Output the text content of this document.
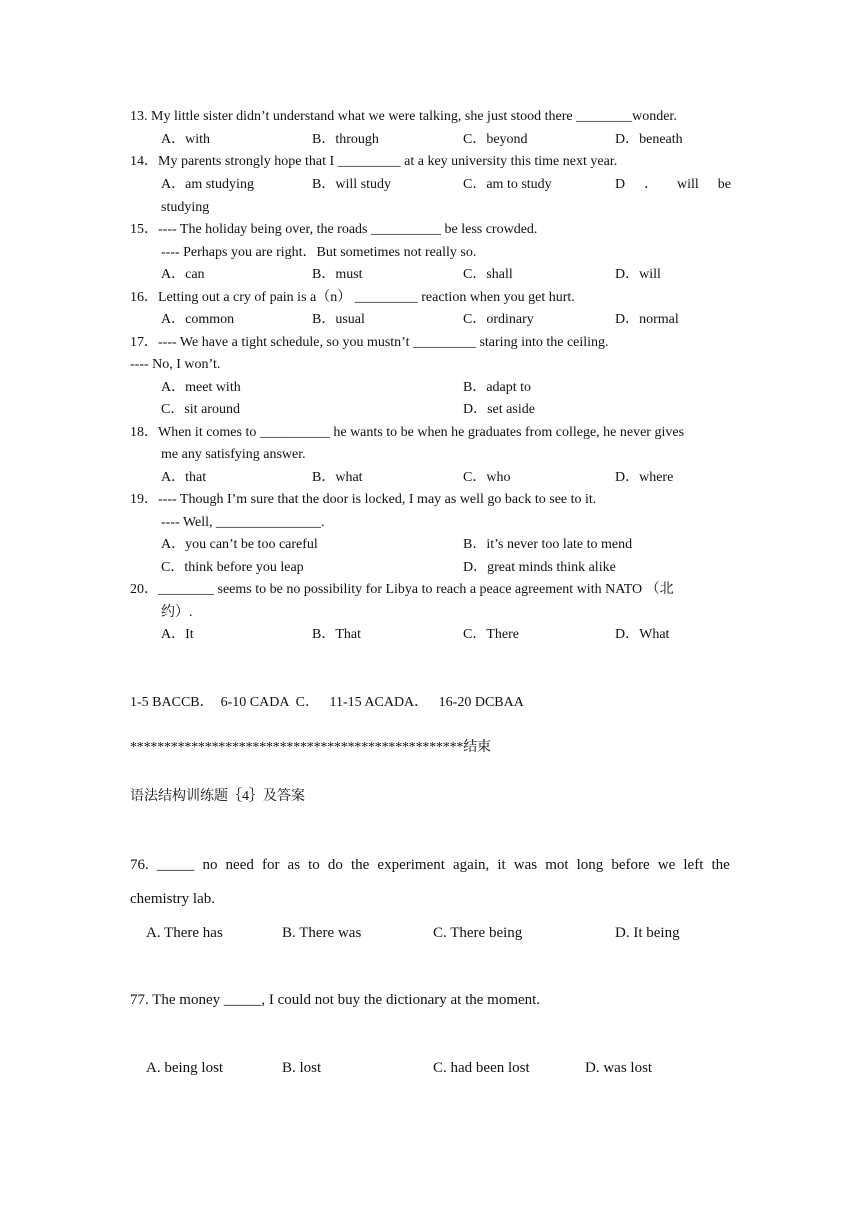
13. My little sister didn’t understand what we were talking, she just stood there ________wonder.
A．with	B．through	C．beyond	D．beneath
14．My parents strongly hope that I _________ at a key university this time next year.
A．am studying	B．will study	C．am to study	D ． will be
studying
15．---- The holiday being over, the roads __________ be less crowded.
---- Perhaps you are right．But sometimes not really so.
A．can	B．must	C．shall	D．will
16．Letting out a cry of pain is a（n） _________ reaction when you get hurt.
A．common	B．usual	C．ordinary	D．normal
17．---- We have a tight schedule, so you mustn’t _________ staring into the ceiling.
---- No, I won’t.
A．meet with	B．adapt to
C．sit around	D．set aside
18．When it comes to __________ he wants to be when he graduates from college, he never gives
me any satisfying answer.
A．that	B．what	C．who	D．where
19．---- Though I’m sure that the door is locked, I may as well go back to see to it.
---- Well, _______________.
A．you can’t be too careful	B．it’s never too late to mend
C．think before you leap	D．great minds think alike
20．________ seems to be no possibility for Libya to reach a peace agreement with NATO （北
约）.
A．It	B．That	C．There	D．What
1-5 BACCB．  6-10 CADA  C．   11-15 ACADA．   16-20 DCBAA
*************************************************结束
语法结构训练题｛4｝及答案
76. _____ no need for as to do the experiment again, it was mot long before we left the
chemistry lab.
A. There has	B. There was	C. There being	D. It being
77. The money _____, I could not buy the dictionary at the moment.
A. being lost	B. lost	C. had been lost	D. was lost
